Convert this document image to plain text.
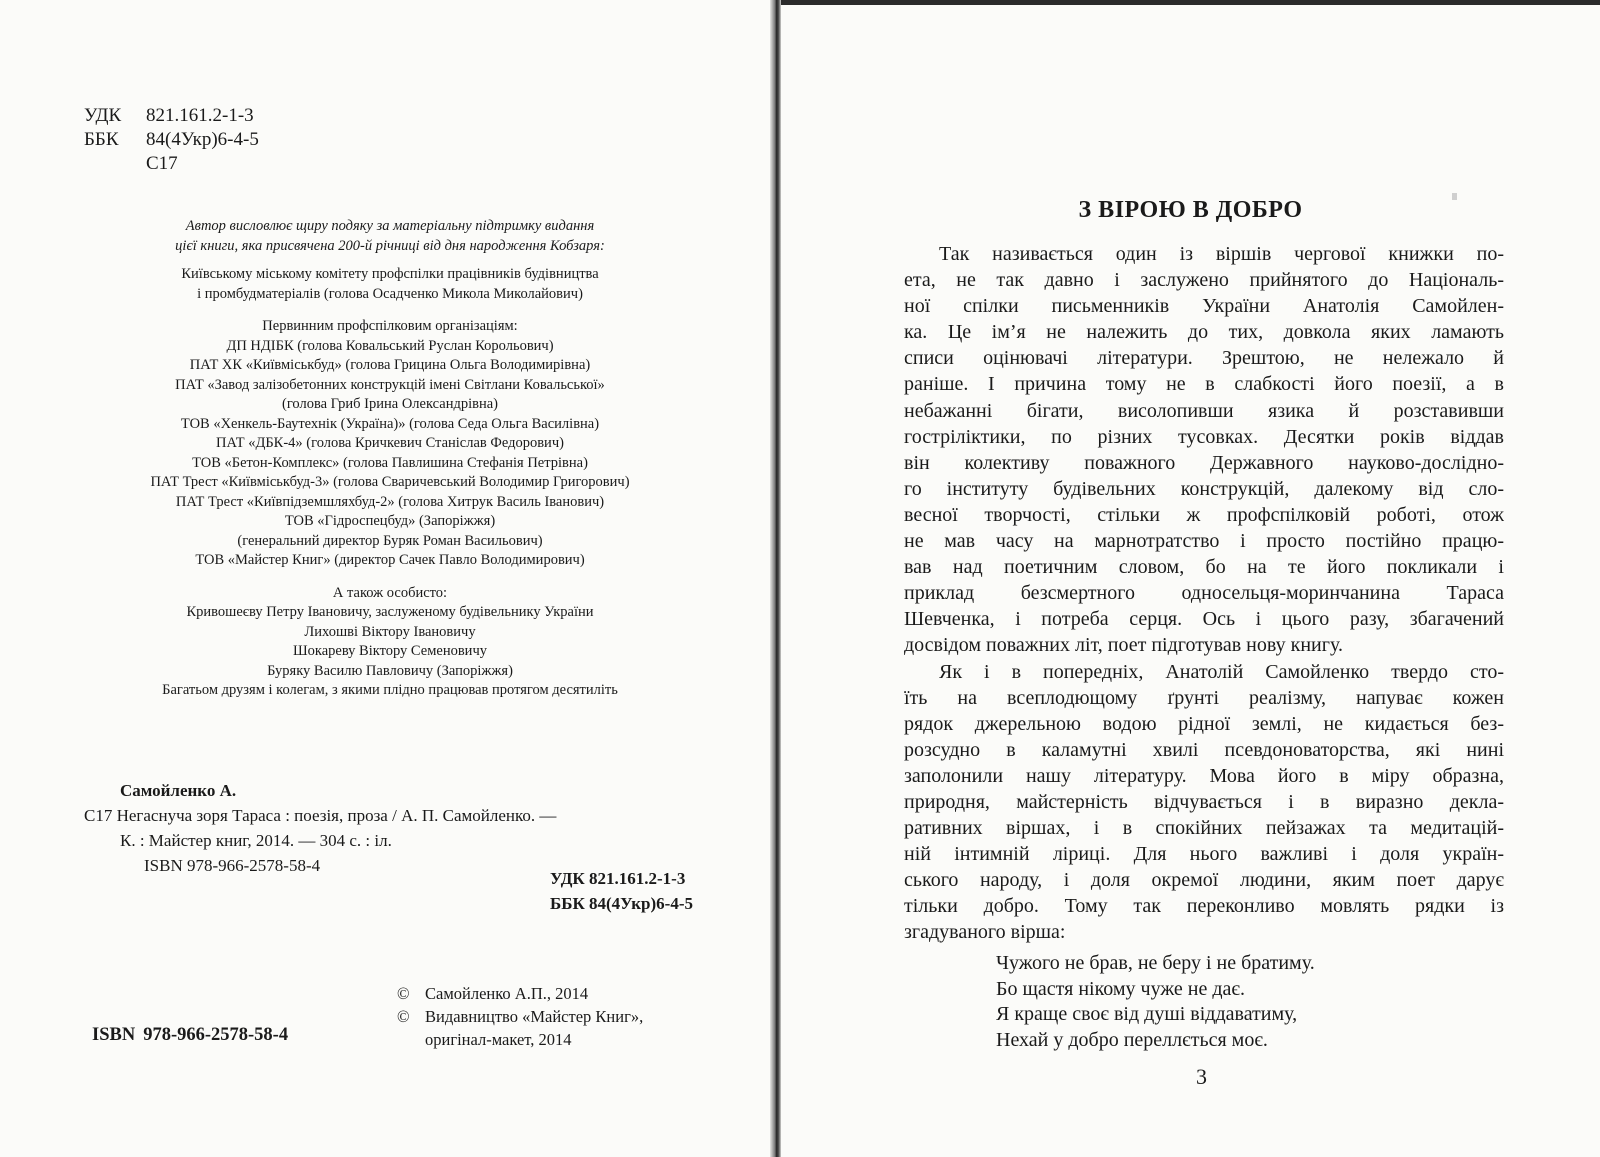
УДК 821.161.2-1-3
ББК 84(4Укр)6-4-5
С17
Автор висловлює щиру подяку за матеріальну підтримку видання
цієї книги, яка присвячена 200-й річниці від дня народження Кобзаря:
Київському міському комітету профспілки працівників будівництва
і промбудматеріалів (голова Осадченко Микола Миколайович)
Первинним профспілковим організаціям:
ДП НДІБК (голова Ковальський Руслан Корольович)
ПАТ ХК «Київміськбуд» (голова Грицина Ольга Володимирівна)
ПАТ «Завод залізобетонних конструкцій імені Світлани Ковальської»
(голова Гриб Ірина Олександрівна)
ТОВ «Хенкель-Баутехнік (Україна)» (голова Седа Ольга Василівна)
ПАТ «ДБК-4» (голова Кричкевич Станіслав Федорович)
ТОВ «Бетон-Комплекс» (голова Павлишина Стефанія Петрівна)
ПАТ Трест «Київміськбуд-3» (голова Сваричевський Володимир Григорович)
ПАТ Трест «Київпідземшляхбуд-2» (голова Хитрук Василь Іванович)
ТОВ «Гідроспецбуд» (Запоріжжя)
(генеральний директор Буряк Роман Васильович)
ТОВ «Майстер Книг» (директор Сачек Павло Володимирович)
А також особисто:
Кривошеєву Петру Івановичу, заслуженому будівельнику України
Лихошві Віктору Івановичу
Шокареву Віктору Семеновичу
Буряку Василю Павловичу (Запоріжжя)
Багатьом друзям і колегам, з якими плідно працював протягом десятиліть
Самойленко А.
С17 Негаснуча зоря Тараса : поезія, проза / А. П. Самойленко. —
К. : Майстер книг, 2014. — 304 с. : іл.
ISBN 978-966-2578-58-4
УДК 821.161.2-1-3
ББК 84(4Укр)6-4-5
ISBN 978-966-2578-58-4
© Самойленко А.П., 2014
© Видавництво «Майстер Книг»,
оригінал-макет, 2014
З ВІРОЮ В ДОБРО
Так називається один із віршів чергової книжки по-
ета, не так давно і заслужено прийнятого до Національ-
ної спілки письменників України Анатолія Самойлен-
ка. Це ім’я не належить до тих, довкола яких ламають
списи оцінювачі літератури. Зрештою, не нележало й
раніше. І причина тому не в слабкості його поезії, а в
небажанні бігати, висолопивши язика й розставивши
гостріліктики, по різних тусовках. Десятки років віддав
він колективу поважного Державного науково-дослідно-
го інституту будівельних конструкцій, далекому від сло-
весної творчості, стільки ж профспілковій роботі, отож
не мав часу на марнотратство і просто постійно працю-
вав над поетичним словом, бо на те його покликали і
приклад безсмертного односельця-моринчанина Тараса
Шевченка, і потреба серця. Ось і цього разу, збагачений
досвідом поважних літ, поет підготував нову книгу.
Як і в попередніх, Анатолій Самойленко твердо сто-
їть на всеплодющому ґрунті реалізму, напуває кожен
рядок джерельною водою рідної землі, не кидається без-
розсудно в каламутні хвилі псевдоноваторства, які нині
заполонили нашу літературу. Мова його в міру образна,
природня, майстерність відчувається і в виразно декла-
ративних віршах, і в спокійних пейзажах та медитацій-
ній інтимній ліриці. Для нього важливі і доля україн-
ського народу, і доля окремої людини, яким поет дарує
тільки добро. Тому так переконливо мовлять рядки із
згадуваного вірша:
Чужого не брав, не беру і не братиму.
Бо щастя нікому чуже не дає.
Я краще своє від душі віддаватиму,
Нехай у добро переллється моє.
3
